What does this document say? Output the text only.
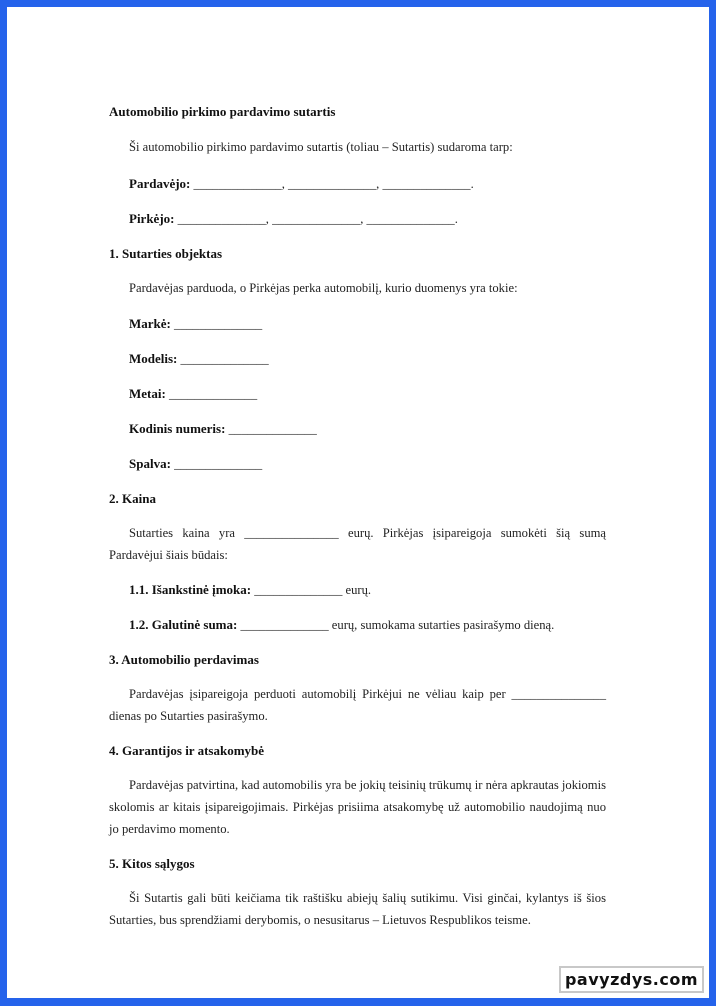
Automobilio pirkimo pardavimo sutartis
Ši automobilio pirkimo pardavimo sutartis (toliau – Sutartis) sudaroma tarp:
Pardavėjo: ______________, ______________, ______________.
Pirkėjo: ______________, ______________, ______________.
1. Sutarties objektas
Pardavėjas parduoda, o Pirkėjas perka automobilį, kurio duomenys yra tokie:
Markė: ______________
Modelis: ______________
Metai: ______________
Kodinis numeris: ______________
Spalva: ______________
2. Kaina
Sutarties kaina yra _______________ eurų. Pirkėjas įsipareigoja sumokėti šią sumą Pardavėjui šiais būdais:
1.1. Išankstinė įmoka: ______________ eurų.
1.2. Galutinė suma: ______________ eurų, sumokama sutarties pasirašymo dieną.
3. Automobilio perdavimas
Pardavėjas įsipareigoja perduoti automobilį Pirkėjui ne vėliau kaip per _______________ dienas po Sutarties pasirašymo.
4. Garantijos ir atsakomybė
Pardavėjas patvirtina, kad automobilis yra be jokių teisinių trūkumų ir nėra apkrautas jokiomis skolomis ar kitais įsipareigojimais. Pirkėjas prisiima atsakomybę už automobilio naudojimą nuo jo perdavimo momento.
5. Kitos sąlygos
Ši Sutartis gali būti keičiama tik raštišku abiejų šalių sutikimu. Visi ginčai, kylantys iš šios Sutarties, bus sprendžiami derybomis, o nesusitarus – Lietuvos Respublikos teisme.
pavyzdys.com
